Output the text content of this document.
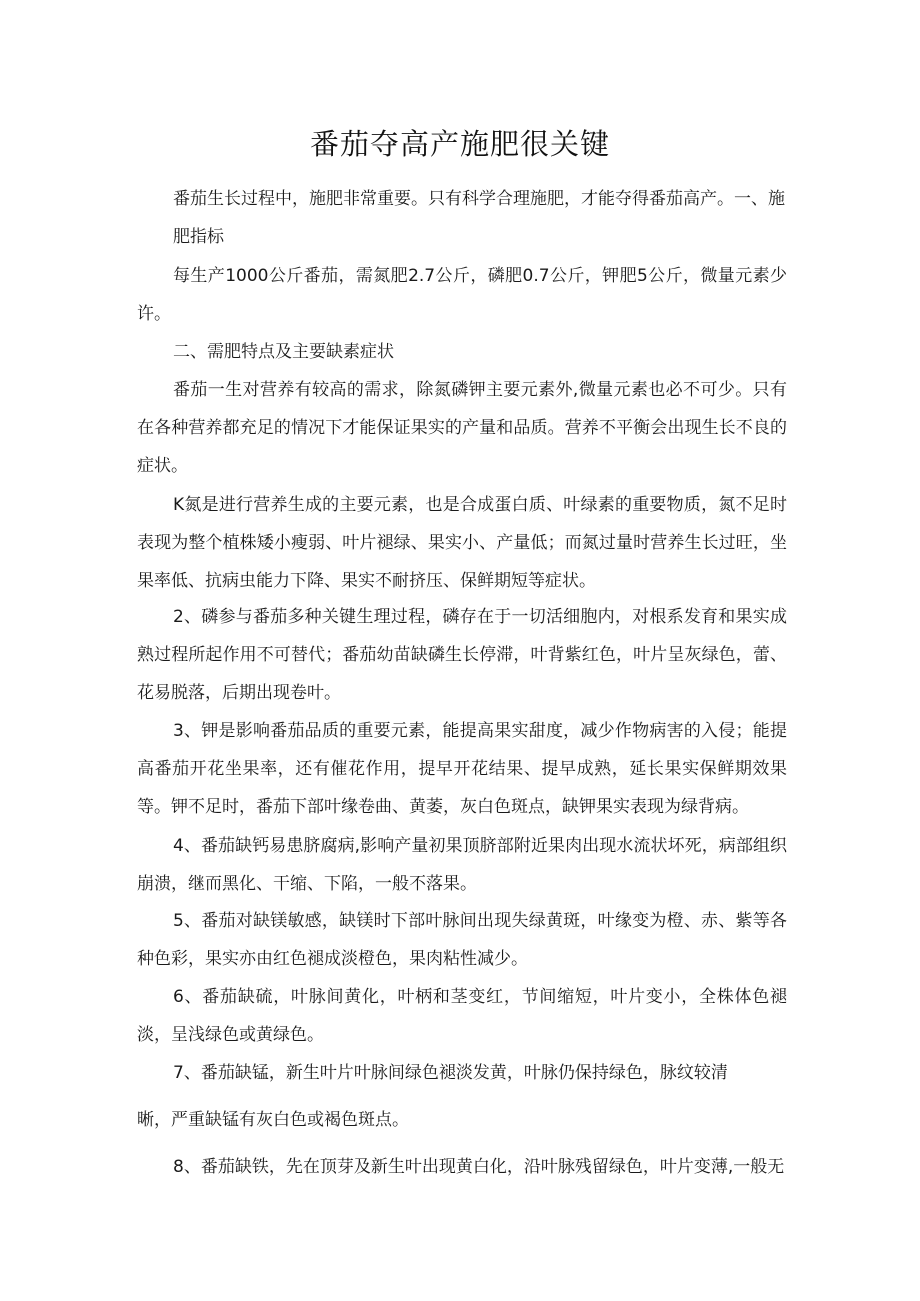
番茄夺高产施肥很关键
番茄生长过程中，施肥非常重要。只有科学合理施肥，才能夺得番茄高产。一、施肥指标
每生产1000公斤番茄，需氮肥2.7公斤，磷肥0.7公斤，钾肥5公斤，微量元素少许。
二、需肥特点及主要缺素症状
番茄一生对营养有较高的需求，除氮磷钾主要元素外,微量元素也必不可少。只有在各种营养都充足的情况下才能保证果实的产量和品质。营养不平衡会出现生长不良的症状。
K氮是进行营养生成的主要元素，也是合成蛋白质、叶绿素的重要物质，氮不足时表现为整个植株矮小瘦弱、叶片褪绿、果实小、产量低；而氮过量时营养生长过旺，坐果率低、抗病虫能力下降、果实不耐挤压、保鲜期短等症状。
2、磷参与番茄多种关键生理过程，磷存在于一切活细胞内，对根系发育和果实成熟过程所起作用不可替代；番茄幼苗缺磷生长停滞，叶背紫红色，叶片呈灰绿色，蕾、花易脱落，后期出现卷叶。
3、钾是影响番茄品质的重要元素，能提高果实甜度，减少作物病害的入侵；能提高番茄开花坐果率，还有催花作用，提早开花结果、提早成熟，延长果实保鲜期效果等。钾不足时，番茄下部叶缘卷曲、黄萎，灰白色斑点，缺钾果实表现为绿背病。
4、番茄缺钙易患脐腐病,影响产量初果顶脐部附近果肉出现水流状坏死，病部组织崩溃，继而黑化、干缩、下陷，一般不落果。
5、番茄对缺镁敏感，缺镁时下部叶脉间出现失绿黄斑，叶缘变为橙、赤、紫等各种色彩，果实亦由红色褪成淡橙色，果肉粘性减少。
6、番茄缺硫，叶脉间黄化，叶柄和茎变红，节间缩短，叶片变小，全株体色褪淡，呈浅绿色或黄绿色。
7、番茄缺锰，新生叶片叶脉间绿色褪淡发黄，叶脉仍保持绿色，脉纹较清
晰，严重缺锰有灰白色或褐色斑点。
8、番茄缺铁，先在顶芽及新生叶出现黄白化，沿叶脉残留绿色，叶片变薄,一般无
